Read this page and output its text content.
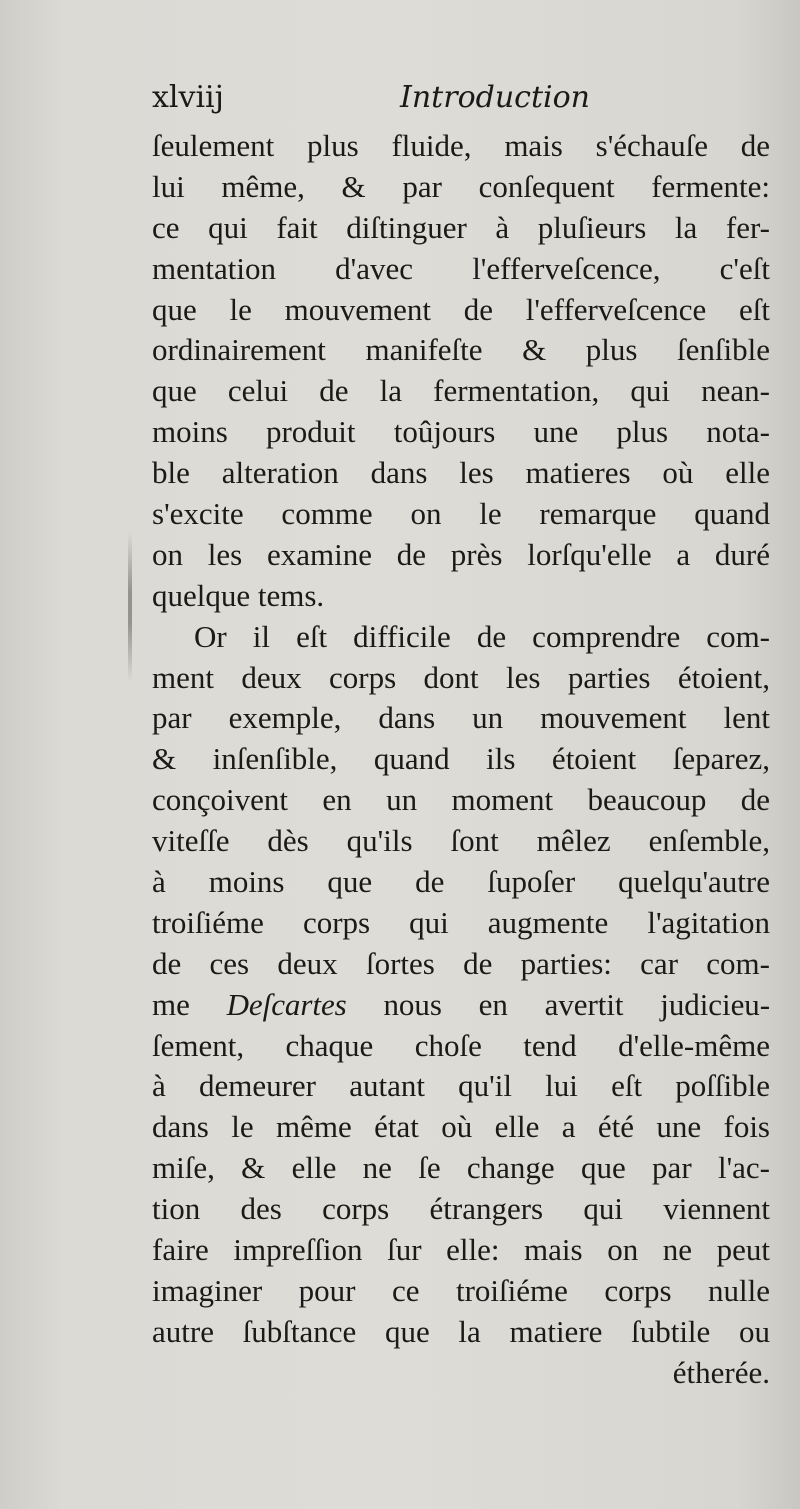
xlviij	Introduction
ſeulement plus fluide, mais s'échauſe de
lui même, & par conſequent fermente:
ce qui fait diſtinguer à pluſieurs la fer-
mentation d'avec l'efferveſcence, c'eſt
que le mouvement de l'efferveſcence eſt
ordinairement manifeſte & plus ſenſible
que celui de la fermentation, qui nean-
moins produit toûjours une plus nota-
ble alteration dans les matieres où elle
s'excite comme on le remarque quand
on les examine de près lorſqu'elle a duré
quelque tems.
Or il eſt difficile de comprendre com-
ment deux corps dont les parties étoient,
par exemple, dans un mouvement lent
& inſenſible, quand ils étoient ſeparez,
conçoivent en un moment beaucoup de
viteſſe dès qu'ils ſont mêlez enſemble,
à moins que de ſupoſer quelqu'autre
troiſiéme corps qui augmente l'agitation
de ces deux ſortes de parties: car com-
me Deſcartes nous en avertit judicieu-
ſement, chaque choſe tend d'elle-même
à demeurer autant qu'il lui eſt poſſible
dans le même état où elle a été une fois
miſe, & elle ne ſe change que par l'ac-
tion des corps étrangers qui viennent
faire impreſſion ſur elle: mais on ne peut
imaginer pour ce troiſiéme corps nulle
autre ſubſtance que la matiere ſubtile ou
étherée.
